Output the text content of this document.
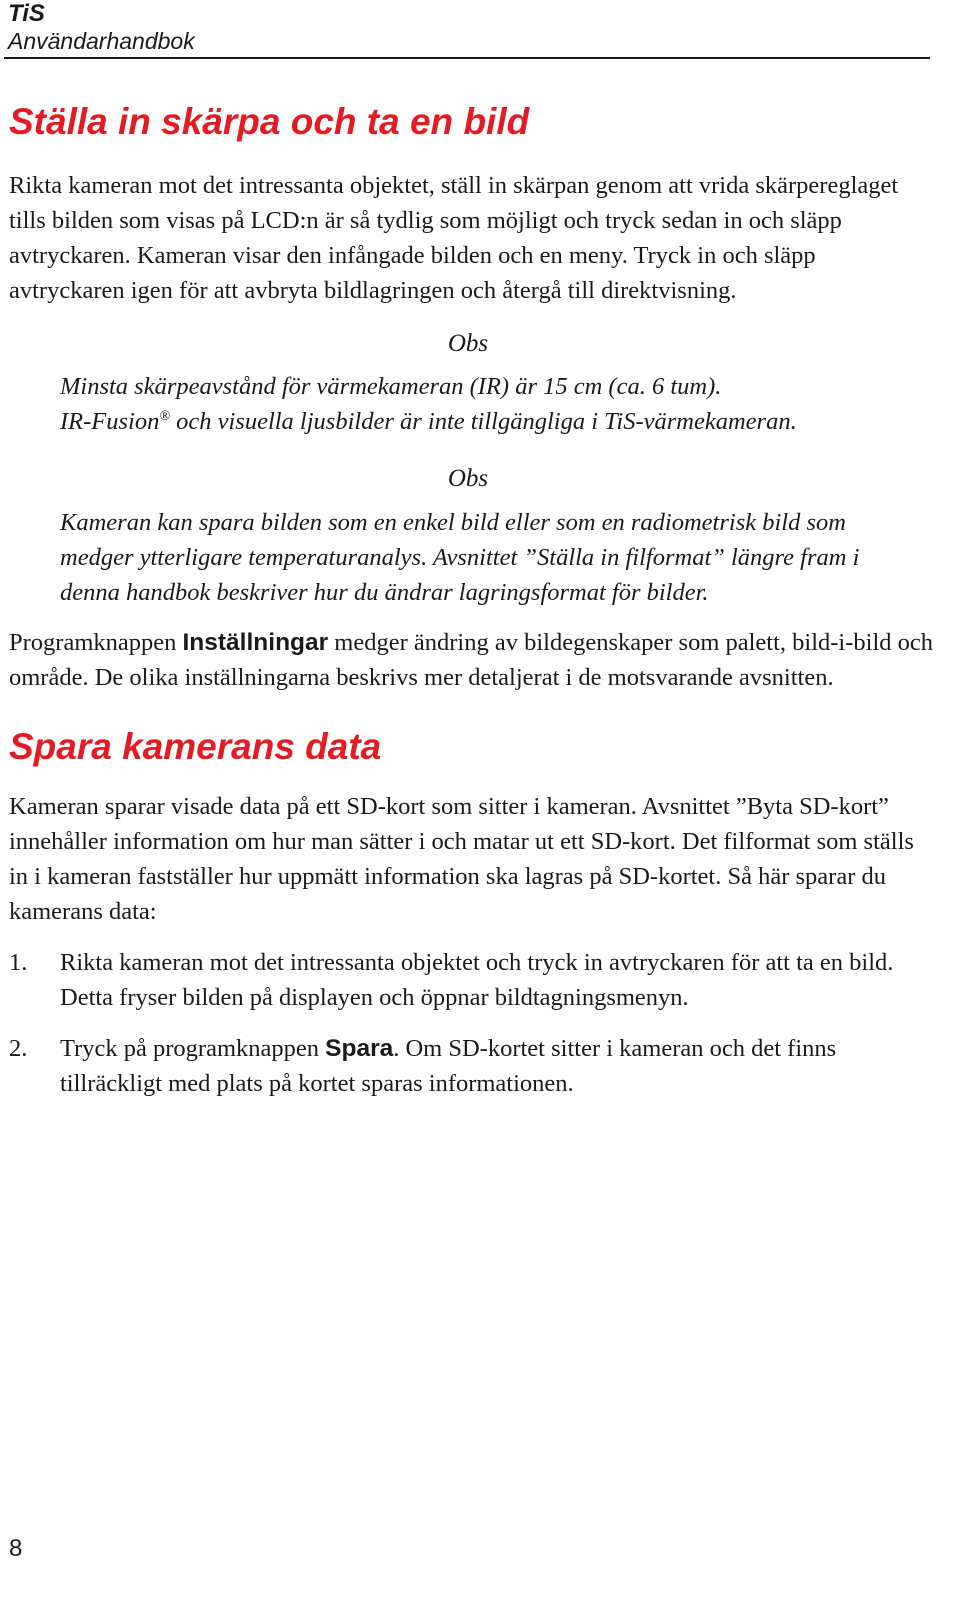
TiS
Användarhandbok
Ställa in skärpa och ta en bild

Rikta kameran mot det intressanta objektet, ställ in skärpan genom att vrida skärpereglaget tills bilden som visas på LCD:n är så tydlig som möjligt och tryck sedan in och släpp avtryckaren. Kameran visar den infångade bilden och en meny. Tryck in och släpp avtryckaren igen för att avbryta bildlagringen och återgå till direktvisning.

Obs

Minsta skärpeavstånd för värmekameran (IR) är 15 cm (ca. 6 tum).

IR-Fusion® och visuella ljusbilder är inte tillgängliga i TiS-värmekameran.

Obs

Kameran kan spara bilden som en enkel bild eller som en radiometrisk bild som medger ytterligare temperaturanalys. Avsnittet ”Ställa in filformat” längre fram i denna handbok beskriver hur du ändrar lagringsformat för bilder.

Programknappen Inställningar medger ändring av bildegenskaper som palett, bild-i-bild och område. De olika inställningarna beskrivs mer detaljerat i de motsvarande avsnitten.

Spara kamerans data

Kameran sparar visade data på ett SD-kort som sitter i kameran. Avsnittet ”Byta SD-kort” innehåller information om hur man sätter i och matar ut ett SD-kort. Det filformat som ställs in i kameran fastställer hur uppmätt information ska lagras på SD-kortet. Så här sparar du kamerans data:

1. Rikta kameran mot det intressanta objektet och tryck in avtryckaren för att ta en bild. Detta fryser bilden på displayen och öppnar bildtagningsmenyn.
2. Tryck på programknappen Spara. Om SD-kortet sitter i kameran och det finns tillräckligt med plats på kortet sparas informationen.
8
